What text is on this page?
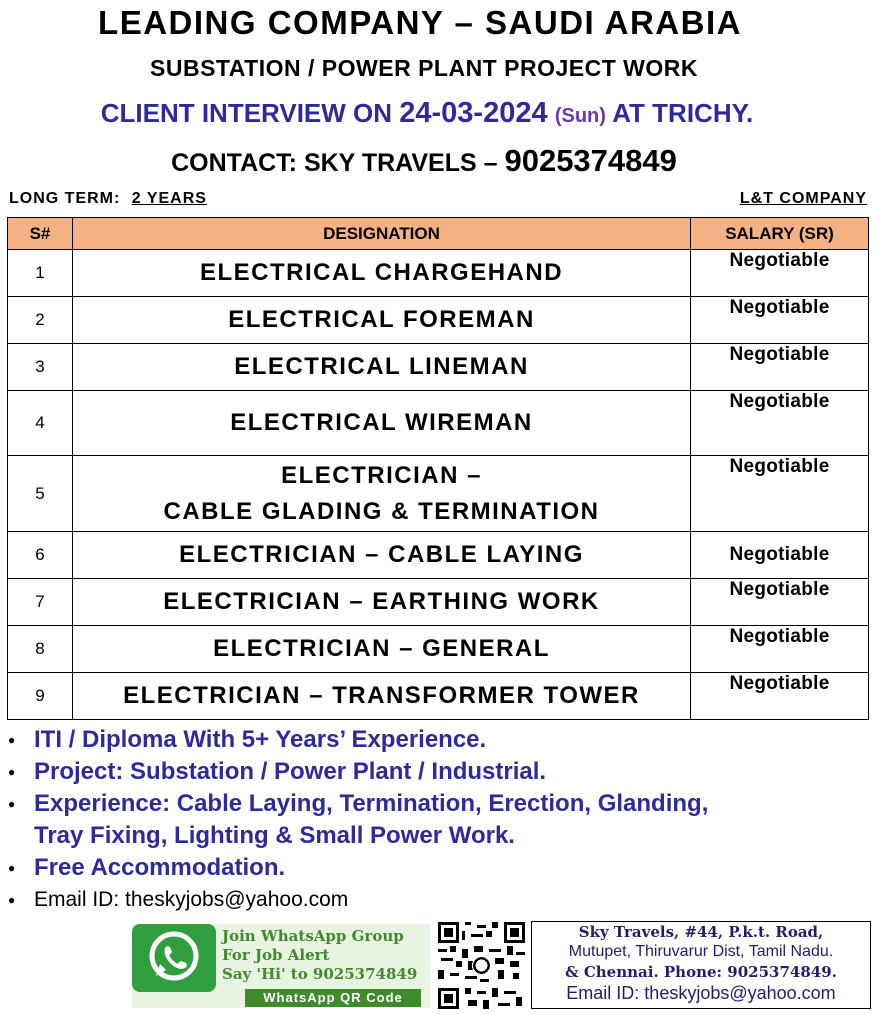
LEADING COMPANY – SAUDI ARABIA
SUBSTATION / POWER PLANT PROJECT WORK
CLIENT INTERVIEW ON 24-03-2024 (Sun) AT TRICHY.
CONTACT: SKY TRAVELS – 9025374849
LONG TERM: 2 YEARS	L&T COMPANY
S#	DESIGNATION	SALARY (SR)
1	ELECTRICAL CHARGEHAND	Negotiable
2	ELECTRICAL FOREMAN	Negotiable
3	ELECTRICAL LINEMAN	Negotiable
4	ELECTRICAL WIREMAN	Negotiable
5	ELECTRICIAN –
CABLE GLADING & TERMINATION	Negotiable
6	ELECTRICIAN – CABLE LAYING	Negotiable
7	ELECTRICIAN – EARTHING WORK	Negotiable
8	ELECTRICIAN – GENERAL	Negotiable
9	ELECTRICIAN – TRANSFORMER TOWER	Negotiable
● ITI / Diploma With 5+ Years’ Experience.
● Project: Substation / Power Plant / Industrial.
● Experience: Cable Laying, Termination, Erection, Glanding,
Tray Fixing, Lighting & Small Power Work.
● Free Accommodation.
● Email ID: theskyjobs@yahoo.com
Join WhatsApp Group
For Job Alert
Say 'Hi' to 9025374849
WhatsApp QR Code
Sky Travels, #44, P.k.t. Road,
Mutupet, Thiruvarur Dist, Tamil Nadu.
& Chennai. Phone: 9025374849.
Email ID: theskyjobs@yahoo.com
